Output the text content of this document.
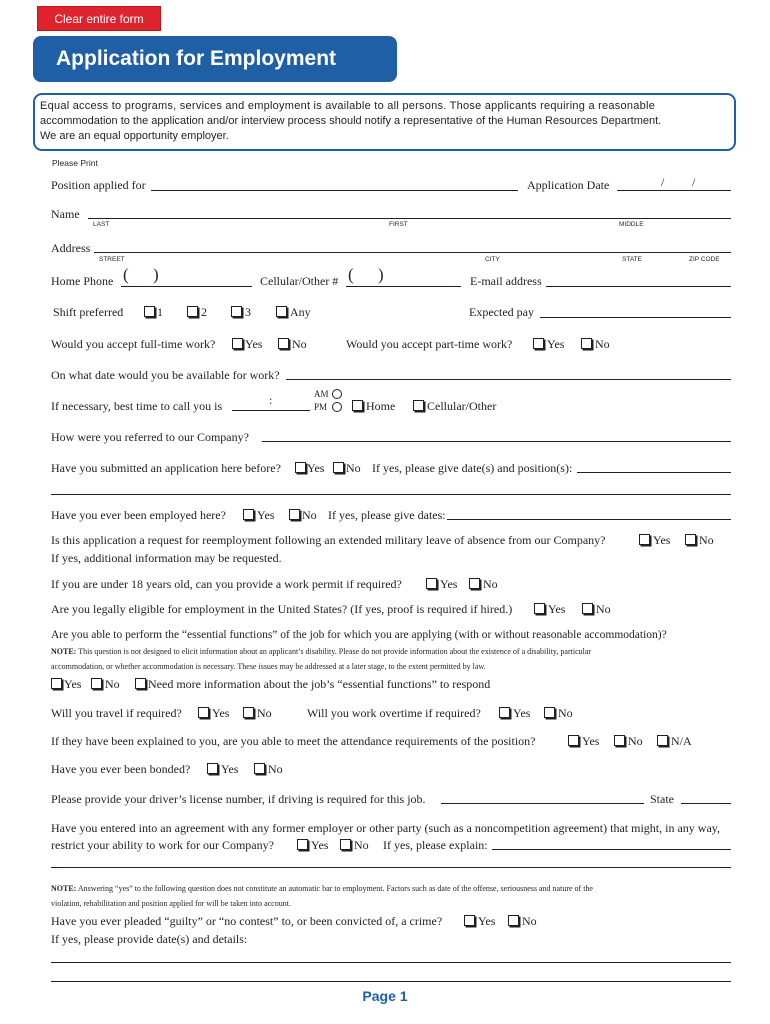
Clear entire form
Application for Employment
Equal access to programs, services and employment is available to all persons. Those applicants requiring a reasonable
accommodation to the application and/or interview process should notify a representative of the Human Resources Department.
We are an equal opportunity employer.
Please Print
Position applied for	Application Date	/ /
Name
LAST	FIRST	MIDDLE
Address
STREET	CITY	STATE	ZIP CODE
Home Phone ( )	Cellular/Other # ( )	E-mail address
Shift preferred	1	2	3	Any	Expected pay
Would you accept full-time work? Yes No	Would you accept part-time work?	Yes	No
On what date would you be available for work?
If necessary, best time to call you is	:	AM
PM	Home	Cellular/Other
How were you referred to our Company?
Have you submitted an application here before? Yes No If yes, please give date(s) and position(s):
Have you ever been employed here?	Yes No If yes, please give dates:
Is this application a request for reemployment following an extended military leave of absence from our Company?	Yes No
If yes, additional information may be requested.
If you are under 18 years old, can you provide a work permit if required?	Yes No
Are you legally eligible for employment in the United States? (If yes, proof is required if hired.)	Yes	No
Are you able to perform the “essential functions” of the job for which you are applying (with or without reasonable accommodation)?
NOTE: This question is not designed to elicit information about an applicant’s disability. Please do not provide information about the existence of a disability, particular
accommodation, or whether accommodation is necessary. These issues may be addressed at a later stage, to the extent permitted by law.
Yes No Need more information about the job’s “essential functions” to respond
Will you travel if required?	Yes No	Will you work overtime if required?	Yes No
If they have been explained to you, are you able to meet the attendance requirements of the position?	Yes No N/A
Have you ever been bonded?	Yes No
Please provide your driver’s license number, if driving is required for this job.	State
Have you entered into an agreement with any former employer or other party (such as a noncompetition agreement) that might, in any way,
restrict your ability to work for our Company?	Yes No If yes, please explain:
NOTE: Answering “yes” to the following question does not constitute an automatic bar to employment. Factors such as date of the offense, seriousness and nature of the
violation, rehabilitation and position applied for will be taken into account.
Have you ever pleaded “guilty” or “no contest” to, or been convicted of, a crime?	Yes No
If yes, please provide date(s) and details:
Page 1
